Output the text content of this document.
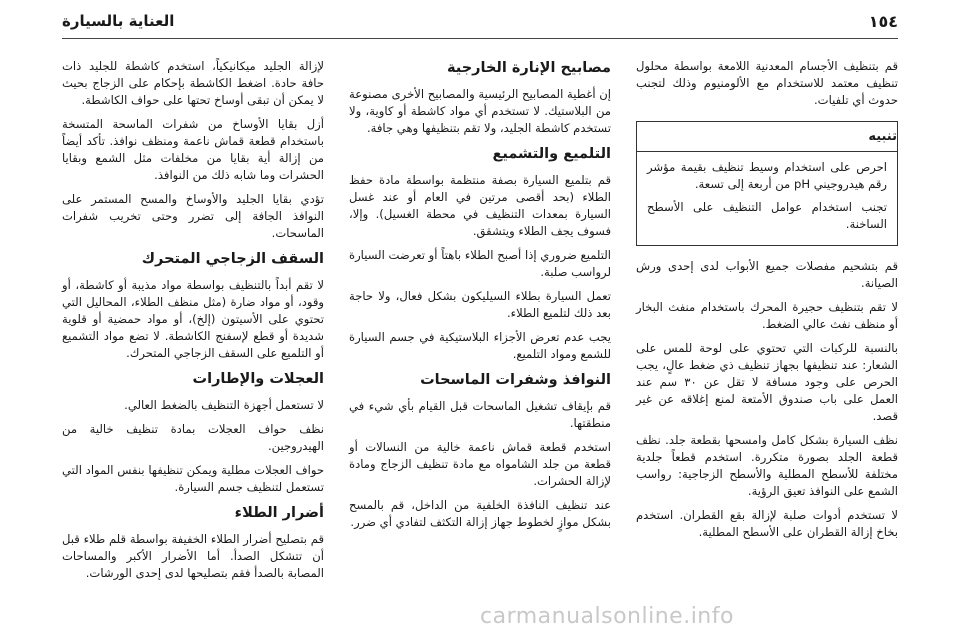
١٥٤
العناية بالسيارة

قم بتنظيف الأجسام المعدنية اللامعة بواسطة محلول تنظيف معتمد للاستخدام مع الألومنيوم وذلك لتجنب حدوث أي تلفيات.

تنبيه

احرص على استخدام وسيط تنظيف بقيمة مؤشر رقم هيدروجيني pH من أربعة إلى تسعة.

تجنب استخدام عوامل التنظيف على الأسطح الساخنة.

قم بتشحيم مفصلات جميع الأبواب لدى إحدى ورش الصيانة.

لا تقم بتنظيف حجيرة المحرك باستخدام منفث البخار أو منظف نفث عالي الضغط.

بالنسبة للركبات التي تحتوي على لوحة للمس على الشعار: عند تنظيفها بجهاز تنظيف ذي ضغط عالٍ، يجب الحرص على وجود مسافة لا تقل عن ٣٠ سم عند العمل على باب صندوق الأمتعة لمنع إغلاقه عن غير قصد.

نظف السيارة بشكل كامل وامسحها بقطعة جلد. نظف قطعة الجلد بصورة متكررة. استخدم قطعاً جلدية مختلفة للأسطح المطلية والأسطح الزجاجية: رواسب الشمع على النوافذ تعيق الرؤية.

لا تستخدم أدوات صلبة لإزالة بقع القطران. استخدم بخاخ إزالة القطران على الأسطح المطلية.

مصابيح الإنارة الخارجية

إن أغطية المصابيح الرئيسية والمصابيح الأخرى مصنوعة من البلاستيك. لا تستخدم أي مواد كاشطة أو كاوية، ولا تستخدم كاشطة الجليد، ولا تقم بتنظيفها وهي جافة.

التلميع والتشميع

قم بتلميع السيارة بصفة منتظمة بواسطة مادة حفظ الطلاء (بحد أقصى مرتين في العام أو عند غسل السيارة بمعدات التنظيف في محطة الغسيل). وإلا، فسوف يجف الطلاء ويتشقق.

التلميع ضروري إذا أصبح الطلاء باهتاً أو تعرضت السيارة لرواسب صلبة.

تعمل السيارة بطلاء السيليكون بشكل فعال، ولا حاجة بعد ذلك لتلميع الطلاء.

يجب عدم تعرض الأجزاء البلاستيكية في جسم السيارة للشمع ومواد التلميع.

النوافذ وشفرات الماسحات

قم بإيقاف تشغيل الماسحات قبل القيام بأي شيء في منطقتها.

استخدم قطعة قماش ناعمة خالية من النسالات أو قطعة من جلد الشامواه مع مادة تنظيف الزجاج ومادة لإزالة الحشرات.

عند تنظيف النافذة الخلفية من الداخل، قم بالمسح بشكل موازٍ لخطوط جهاز إزالة التكثف لتفادي أي ضرر.

لإزالة الجليد ميكانيكياً، استخدم كاشطة للجليد ذات حافة حادة. اضغط الكاشطة بإحكام على الزجاج بحيث لا يمكن أن تبقى أوساخ تحتها على حواف الكاشطة.

أزل بقايا الأوساخ من شفرات الماسحة المتسخة باستخدام قطعة قماش ناعمة ومنظف نوافذ. تأكد أيضاً من إزالة أية بقايا من مخلفات مثل الشمع وبقايا الحشرات وما شابه ذلك من النوافذ.

تؤدي بقايا الجليد والأوساخ والمسح المستمر على النوافذ الجافة إلى تضرر وحتى تخريب شفرات الماسحات.

السقف الزجاجي المتحرك

لا تقم أبداً بالتنظيف بواسطة مواد مذيبة أو كاشطة، أو وقود، أو مواد ضارة (مثل منظف الطلاء، المحاليل التي تحتوي على الأسيتون (إلخ)، أو مواد حمضية أو قلوية شديدة أو قطع لإسفنج الكاشطة. لا تضع مواد التشميع أو التلميع على السقف الزجاجي المتحرك.

العجلات والإطارات

لا تستعمل أجهزة التنظيف بالضغط العالي.

نظف حواف العجلات بمادة تنظيف خالية من الهيدروجين.

حواف العجلات مطلية ويمكن تنظيفها بنفس المواد التي تستعمل لتنظيف جسم السيارة.

أضرار الطلاء

قم بتصليح أضرار الطلاء الخفيفة بواسطة قلم طلاء قبل أن تتشكل الصدأ. أما الأضرار الأكبر والمساحات المصابة بالصدأ فقم بتصليحها لدى إحدى الورشات.

carmanualsonline.info
